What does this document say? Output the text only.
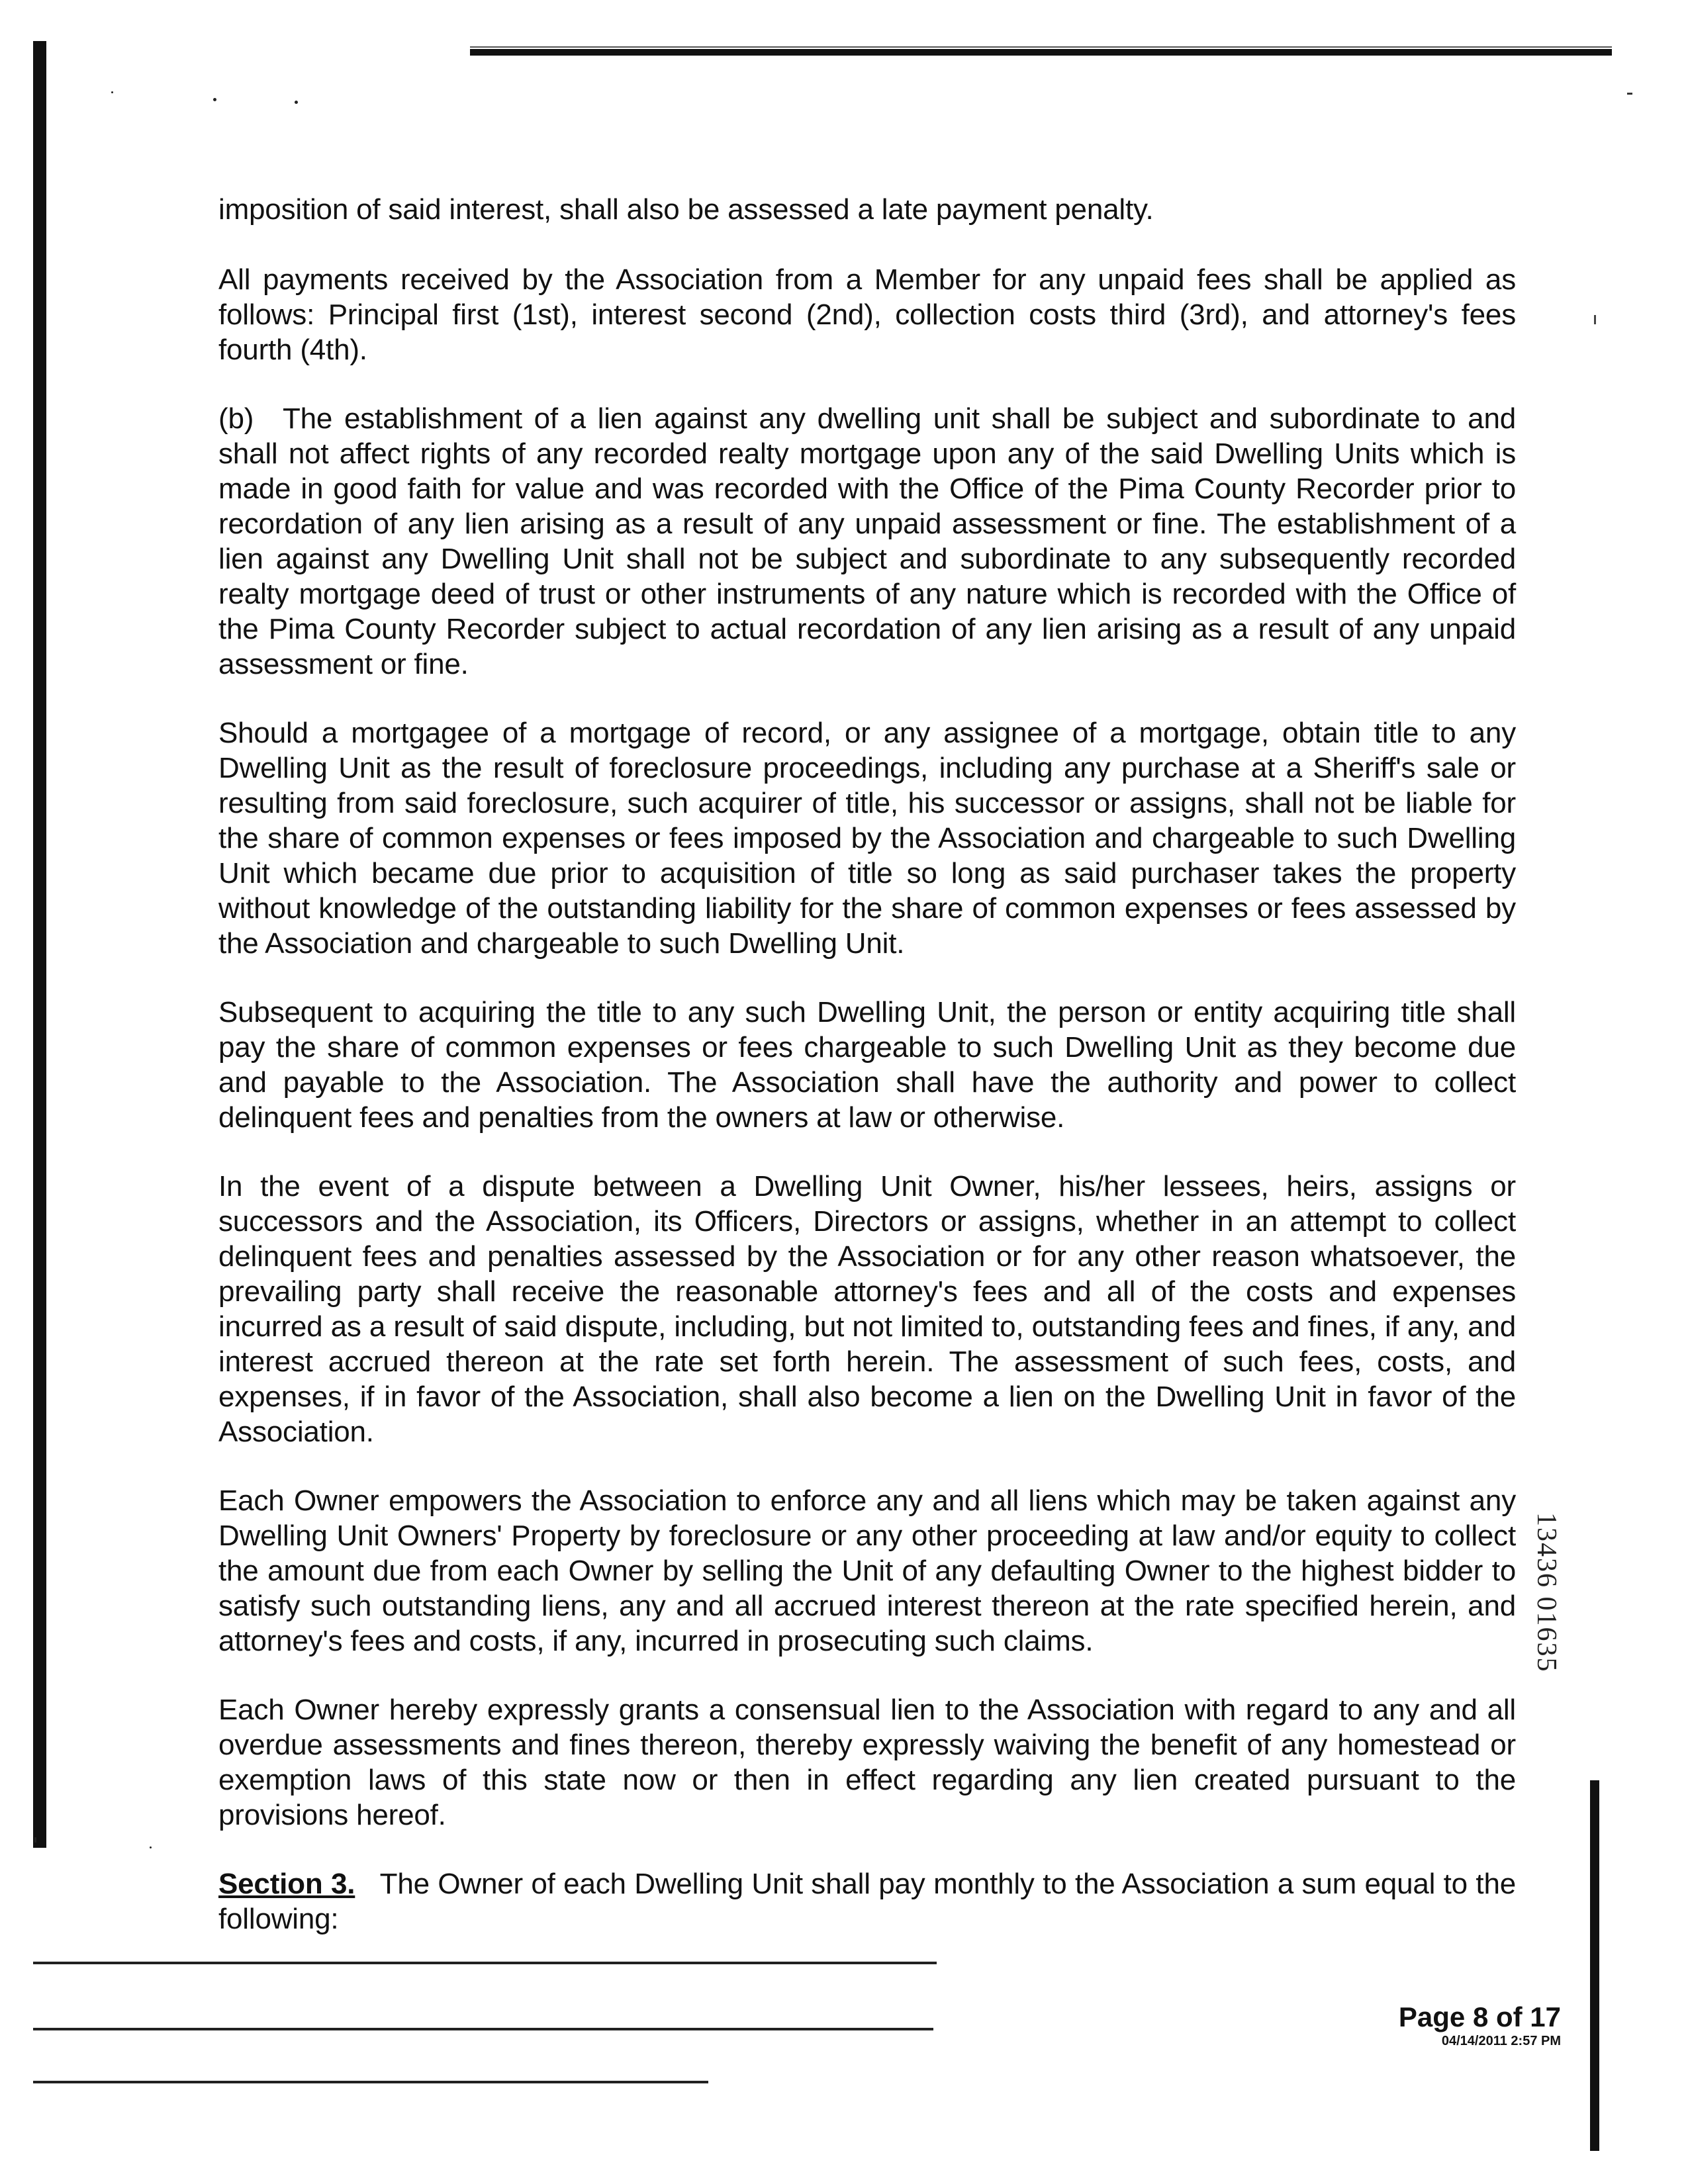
imposition of said interest, shall also be assessed a late payment penalty.

All payments received by the Association from a Member for any unpaid fees shall be applied as follows: Principal first (1st), interest second (2nd), collection costs third (3rd), and attorney's fees fourth (4th).

(b) The establishment of a lien against any dwelling unit shall be subject and subordinate to and shall not affect rights of any recorded realty mortgage upon any of the said Dwelling Units which is made in good faith for value and was recorded with the Office of the Pima County Recorder prior to recordation of any lien arising as a result of any unpaid assessment or fine. The establishment of a lien against any Dwelling Unit shall not be subject and subordinate to any subsequently recorded realty mortgage deed of trust or other instruments of any nature which is recorded with the Office of the Pima County Recorder subject to actual recordation of any lien arising as a result of any unpaid assessment or fine.

Should a mortgagee of a mortgage of record, or any assignee of a mortgage, obtain title to any Dwelling Unit as the result of foreclosure proceedings, including any purchase at a Sheriff's sale or resulting from said foreclosure, such acquirer of title, his successor or assigns, shall not be liable for the share of common expenses or fees imposed by the Association and chargeable to such Dwelling Unit which became due prior to acquisition of title so long as said purchaser takes the property without knowledge of the outstanding liability for the share of common expenses or fees assessed by the Association and chargeable to such Dwelling Unit.

Subsequent to acquiring the title to any such Dwelling Unit, the person or entity acquiring title shall pay the share of common expenses or fees chargeable to such Dwelling Unit as they become due and payable to the Association. The Association shall have the authority and power to collect delinquent fees and penalties from the owners at law or otherwise.

In the event of a dispute between a Dwelling Unit Owner, his/her lessees, heirs, assigns or successors and the Association, its Officers, Directors or assigns, whether in an attempt to collect delinquent fees and penalties assessed by the Association or for any other reason whatsoever, the prevailing party shall receive the reasonable attorney's fees and all of the costs and expenses incurred as a result of said dispute, including, but not limited to, outstanding fees and fines, if any, and interest accrued thereon at the rate set forth herein. The assessment of such fees, costs, and expenses, if in favor of the Association, shall also become a lien on the Dwelling Unit in favor of the Association.

Each Owner empowers the Association to enforce any and all liens which may be taken against any Dwelling Unit Owners' Property by foreclosure or any other proceeding at law and/or equity to collect the amount due from each Owner by selling the Unit of any defaulting Owner to the highest bidder to satisfy such outstanding liens, any and all accrued interest thereon at the rate specified herein, and attorney's fees and costs, if any, incurred in prosecuting such claims.

Each Owner hereby expressly grants a consensual lien to the Association with regard to any and all overdue assessments and fines thereon, thereby expressly waiving the benefit of any homestead or exemption laws of this state now or then in effect regarding any lien created pursuant to the provisions hereof.

Section 3. The Owner of each Dwelling Unit shall pay monthly to the Association a sum equal to the following:

13436 01635
Page 8 of 17
04/14/2011 2:57 PM
